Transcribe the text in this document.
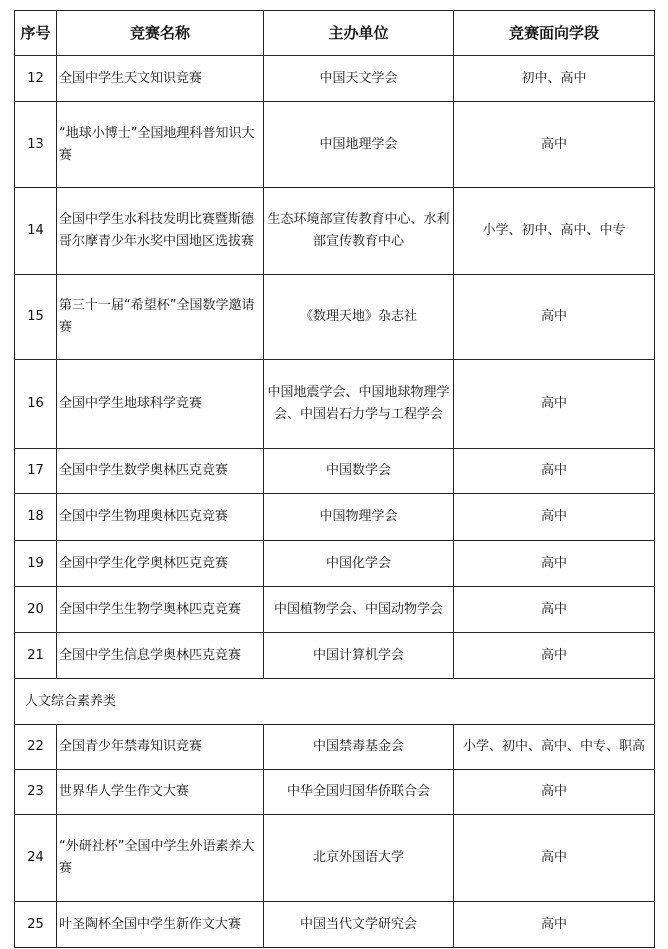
序号	竞赛名称	主办单位	竞赛面向学段
12	全国中学生天文知识竞赛	中国天文学会	初中、高中
13	“地球小博士”全国地理科普知识大赛	中国地理学会	高中
14	全国中学生水科技发明比赛暨斯德哥尔摩青少年水奖中国地区选拔赛	生态环境部宣传教育中心、水利部宣传教育中心	小学、初中、高中、中专
15	第三十一届“希望杯”全国数学邀请赛	《数理天地》杂志社	高中
16	全国中学生地球科学竞赛	中国地震学会、中国地球物理学会、中国岩石力学与工程学会	高中
17	全国中学生数学奥林匹克竞赛	中国数学会	高中
18	全国中学生物理奥林匹克竞赛	中国物理学会	高中
19	全国中学生化学奥林匹克竞赛	中国化学会	高中
20	全国中学生生物学奥林匹克竞赛	中国植物学会、中国动物学会	高中
21	全国中学生信息学奥林匹克竞赛	中国计算机学会	高中
人文综合素养类			
22	全国青少年禁毒知识竞赛	中国禁毒基金会	小学、初中、高中、中专、职高
23	世界华人学生作文大赛	中华全国归国华侨联合会	高中
24	“外研社杯”全国中学生外语素养大赛	北京外国语大学	高中
25	叶圣陶杯全国中学生新作文大赛	中国当代文学研究会	高中
